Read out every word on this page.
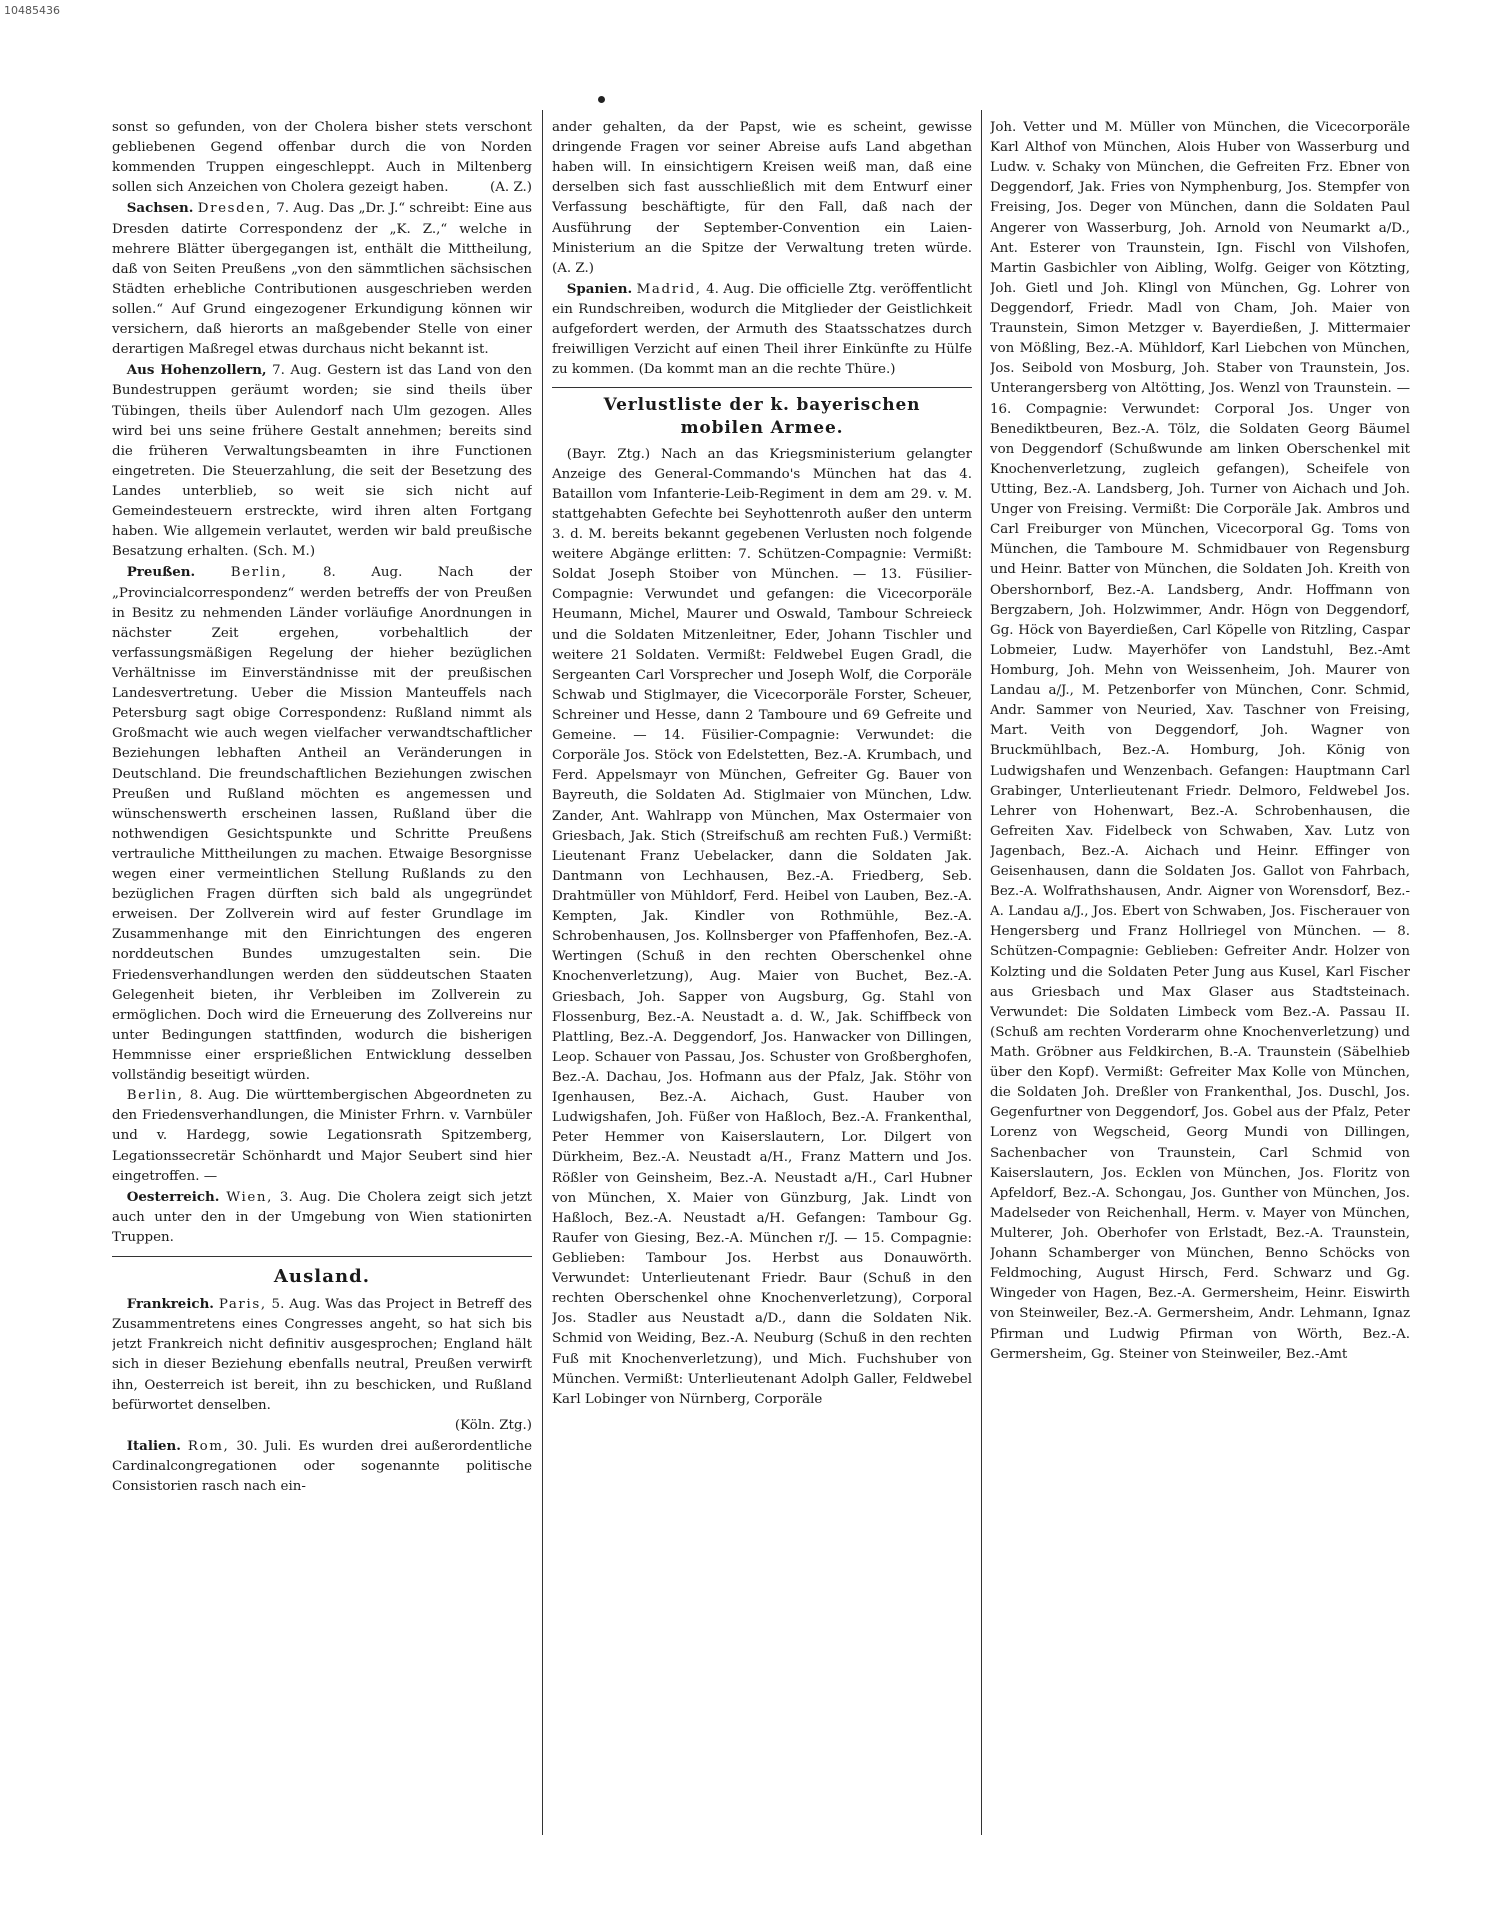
10485436

sonst so gefunden, von der Cholera bisher stets verschont gebliebenen Gegend offenbar durch die von Norden kommenden Truppen eingeschleppt. Auch in Miltenberg sollen sich Anzeichen von Cholera gezeigt haben.	(A. Z.)

Sachsen. Dresden, 7. Aug. Das „Dr. J.“ schreibt: Eine aus Dresden datirte Correspondenz der „K. Z.,“ welche in mehrere Blätter übergegangen ist, enthält die Mittheilung, daß von Seiten Preußens „von den sämmtlichen sächsischen Städten erhebliche Contributionen ausgeschrieben werden sollen.“ Auf Grund eingezogener Erkundigung können wir versichern, daß hierorts an maßgebender Stelle von einer derartigen Maßregel etwas durchaus nicht bekannt ist.

Aus Hohenzollern, 7. Aug. Gestern ist das Land von den Bundestruppen geräumt worden; sie sind theils über Tübingen, theils über Aulendorf nach Ulm gezogen. Alles wird bei uns seine frühere Gestalt annehmen; bereits sind die früheren Verwaltungsbeamten in ihre Functionen eingetreten. Die Steuerzahlung, die seit der Besetzung des Landes unterblieb, so weit sie sich nicht auf Gemeindesteuern erstreckte, wird ihren alten Fortgang haben. Wie allgemein verlautet, werden wir bald preußische Besatzung erhalten. (Sch. M.)

Preußen.	Berlin,	8. Aug. Nach der „Provincialcorrespondenz“ werden betreffs der von Preußen in Besitz zu nehmenden Länder vorläufige Anordnungen in nächster Zeit ergehen, vorbehaltlich der verfassungsmäßigen Regelung der hieher bezüglichen Verhältnisse im Einverständnisse mit der preußischen Landesvertretung. Ueber die Mission Manteuffels nach Petersburg sagt obige Correspondenz: Rußland nimmt als Großmacht wie auch wegen vielfacher verwandtschaftlicher Beziehungen lebhaften Antheil an Veränderungen in Deutschland. Die freundschaftlichen Beziehungen zwischen Preußen und Rußland möchten es angemessen und wünschenswerth erscheinen lassen, Rußland über die nothwendigen Gesichtspunkte und Schritte Preußens vertrauliche Mittheilungen zu machen. Etwaige Besorgnisse wegen einer vermeintlichen Stellung Rußlands zu den bezüglichen Fragen dürften sich bald als ungegründet erweisen. Der Zollverein wird auf fester Grundlage im Zusammenhange mit den Einrichtungen des engeren norddeutschen Bundes umzugestalten sein. Die Friedensverhandlungen werden den süddeutschen Staaten Gelegenheit bieten, ihr Verbleiben im Zollverein zu ermöglichen. Doch wird die Erneuerung des Zollvereins nur unter Bedingungen stattfinden, wodurch die bisherigen Hemmnisse einer ersprießlichen Entwicklung desselben vollständig beseitigt würden.

Berlin, 8. Aug. Die württembergischen Abgeordneten zu den Friedensverhandlungen, die Minister Frhrn. v. Varnbüler und v. Hardegg, sowie Legationsrath Spitzemberg, Legationssecretär Schönhardt und Major Seubert sind hier eingetroffen. —

Oesterreich. Wien, 3. Aug. Die Cholera zeigt sich jetzt auch unter den in der Umgebung von Wien stationirten Truppen.

Ausland.

Frankreich. Paris, 5. Aug. Was das Project in Betreff des Zusammentretens eines Congresses angeht, so hat sich bis jetzt Frankreich nicht definitiv ausgesprochen; England hält sich in dieser Beziehung ebenfalls neutral, Preußen verwirft ihn, Oesterreich ist bereit, ihn zu beschicken, und Rußland befürwortet denselben.

(Köln. Ztg.)

Italien. Rom, 30. Juli. Es wurden drei außerordentliche Cardinalcongregationen oder sogenannte politische Consistorien rasch nach ein-

ander gehalten, da der Papst, wie es scheint, gewisse dringende Fragen vor seiner Abreise aufs Land abgethan haben will. In einsichtigern Kreisen weiß man, daß eine derselben sich fast ausschließlich mit dem Entwurf einer Verfassung beschäftigte, für den Fall, daß nach der Ausführung der September-Convention ein Laien-Ministerium an die Spitze der Verwaltung treten würde. (A. Z.)

Spanien. Madrid, 4. Aug. Die officielle Ztg. veröffentlicht ein Rundschreiben, wodurch die Mitglieder der Geistlichkeit aufgefordert werden, der Armuth des Staatsschatzes durch freiwilligen Verzicht auf einen Theil ihrer Einkünfte zu Hülfe zu kommen. (Da kommt man an die rechte Thüre.)

Verlustliste der k. bayerischen
mobilen Armee.

(Bayr. Ztg.) Nach an das Kriegsministerium gelangter Anzeige des General-Commando's München hat das 4. Bataillon vom Infanterie-Leib-Regiment in dem am 29. v. M. stattgehabten Gefechte bei Seyhottenroth außer den unterm 3. d. M. bereits bekannt gegebenen Verlusten noch folgende weitere Abgänge erlitten: 7. Schützen-Compagnie: Vermißt: Soldat Joseph Stoiber von München. — 13. Füsilier-Compagnie: Verwundet und gefangen: die Vicecorporäle Heumann, Michel, Maurer und Oswald, Tambour Schreieck und die Soldaten Mitzenleitner, Eder, Johann Tischler und weitere 21 Soldaten. Vermißt: Feldwebel Eugen Gradl, die Sergeanten Carl Vorsprecher und Joseph Wolf, die Corporäle Schwab und Stiglmayer, die Vicecorporäle Forster, Scheuer, Schreiner und Hesse, dann 2 Tamboure und 69 Gefreite und Gemeine. — 14. Füsilier-Compagnie: Verwundet: die Corporäle Jos. Stöck von Edelstetten, Bez.-A. Krumbach, und Ferd. Appelsmayr von München, Gefreiter Gg. Bauer von Bayreuth, die Soldaten Ad. Stiglmaier von München, Ldw. Zander, Ant. Wahlrapp von München, Max Ostermaier von Griesbach, Jak. Stich (Streifschuß am rechten Fuß.) Vermißt: Lieutenant Franz Uebelacker, dann die Soldaten Jak. Dantmann von Lechhausen, Bez.-A. Friedberg, Seb. Drahtmüller von Mühldorf, Ferd. Heibel von Lauben, Bez.-A. Kempten, Jak. Kindler von Rothmühle, Bez.-A. Schrobenhausen, Jos. Kollnsberger von Pfaffenhofen, Bez.-A. Wertingen (Schuß in den rechten Oberschenkel ohne Knochenverletzung), Aug. Maier von Buchet, Bez.-A. Griesbach, Joh. Sapper von Augsburg, Gg. Stahl von Flossenburg, Bez.-A. Neustadt a. d. W., Jak. Schiffbeck von Plattling, Bez.-A. Deggendorf, Jos. Hanwacker von Dillingen, Leop. Schauer von Passau, Jos. Schuster von Großberghofen, Bez.-A. Dachau, Jos. Hofmann aus der Pfalz, Jak. Stöhr von Igenhausen, Bez.-A. Aichach, Gust. Hauber von Ludwigshafen, Joh. Füßer von Haßloch, Bez.-A. Frankenthal, Peter Hemmer von Kaiserslautern, Lor. Dilgert von Dürkheim, Bez.-A. Neustadt a/H., Franz Mattern und Jos. Rößler von Geinsheim, Bez.-A. Neustadt a/H., Carl Hubner von München, X. Maier von Günzburg, Jak. Lindt von Haßloch, Bez.-A. Neustadt a/H. Gefangen: Tambour Gg. Raufer von Giesing, Bez.-A. München r/J. — 15. Compagnie: Geblieben: Tambour Jos. Herbst aus Donauwörth. Verwundet: Unterlieutenant Friedr. Baur (Schuß in den rechten Oberschenkel ohne Knochenverletzung), Corporal Jos. Stadler aus Neustadt a/D., dann die Soldaten Nik. Schmid von Weiding, Bez.-A. Neuburg (Schuß in den rechten Fuß mit Knochenverletzung), und Mich. Fuchshuber von München. Vermißt: Unterlieutenant Adolph Galler, Feldwebel Karl Lobinger von Nürnberg, Corporäle

Joh. Vetter und M. Müller von München, die Vicecorporäle Karl Althof von München, Alois Huber von Wasserburg und Ludw. v. Schaky von München, die Gefreiten Frz. Ebner von Deggendorf, Jak. Fries von Nymphenburg, Jos. Stempfer von Freising, Jos. Deger von München, dann die Soldaten Paul Angerer von Wasserburg, Joh. Arnold von Neumarkt a/D., Ant. Esterer von Traunstein, Ign. Fischl von Vilshofen, Martin Gasbichler von Aibling, Wolfg. Geiger von Kötzting, Joh. Gietl und Joh. Klingl von München, Gg. Lohrer von Deggendorf, Friedr. Madl von Cham, Joh. Maier von Traunstein, Simon Metzger v. Bayerdießen, J. Mittermaier von Mößling, Bez.-A. Mühldorf, Karl Liebchen von München, Jos. Seibold von Mosburg, Joh. Staber von Traunstein, Jos. Unterangersberg von Altötting, Jos. Wenzl von Traunstein. — 16. Compagnie: Verwundet: Corporal Jos. Unger von Benediktbeuren, Bez.-A. Tölz, die Soldaten Georg Bäumel von Deggendorf (Schußwunde am linken Oberschenkel mit Knochenverletzung, zugleich gefangen), Scheifele von Utting, Bez.-A. Landsberg, Joh. Turner von Aichach und Joh. Unger von Freising. Vermißt: Die Corporäle Jak. Ambros und Carl Freiburger von München, Vicecorporal Gg. Toms von München, die Tamboure M. Schmidbauer von Regensburg und Heinr. Batter von München, die Soldaten Joh. Kreith von Obershornborf, Bez.-A. Landsberg, Andr. Hoffmann von Bergzabern, Joh. Holzwimmer, Andr. Högn von Deggendorf, Gg. Höck von Bayerdießen, Carl Köpelle von Ritzling, Caspar Lobmeier, Ludw. Mayerhöfer von Landstuhl, Bez.-Amt Homburg, Joh. Mehn von Weissenheim, Joh. Maurer von Landau a/J., M. Petzenborfer von München, Conr. Schmid, Andr. Sammer von Neuried, Xav. Taschner von Freising, Mart. Veith von Deggendorf, Joh. Wagner von Bruckmühlbach, Bez.-A. Homburg, Joh. König von Ludwigshafen und Wenzenbach. Gefangen: Hauptmann Carl Grabinger, Unterlieutenant Friedr. Delmoro, Feldwebel Jos. Lehrer von Hohenwart, Bez.-A. Schrobenhausen, die Gefreiten Xav. Fidelbeck von Schwaben, Xav. Lutz von Jagenbach, Bez.-A. Aichach und Heinr. Effinger von Geisenhausen, dann die Soldaten Jos. Gallot von Fahrbach, Bez.-A. Wolfrathshausen, Andr. Aigner von Worensdorf, Bez.-A. Landau a/J., Jos. Ebert von Schwaben, Jos. Fischerauer von Hengersberg und Franz Hollriegel von München. — 8. Schützen-Compagnie: Geblieben: Gefreiter Andr. Holzer von Kolzting und die Soldaten Peter Jung aus Kusel, Karl Fischer aus Griesbach und Max Glaser aus Stadtsteinach. Verwundet: Die Soldaten Limbeck vom Bez.-A. Passau II. (Schuß am rechten Vorderarm ohne Knochenverletzung) und Math. Gröbner aus Feldkirchen, B.-A. Traunstein (Säbelhieb über den Kopf). Vermißt: Gefreiter Max Kolle von München, die Soldaten Joh. Dreßler von Frankenthal, Jos. Duschl, Jos. Gegenfurtner von Deggendorf, Jos. Gobel aus der Pfalz, Peter Lorenz von Wegscheid, Georg Mundi von Dillingen, Sachenbacher von Traunstein, Carl Schmid von Kaiserslautern, Jos. Ecklen von München, Jos. Floritz von Apfeldorf, Bez.-A. Schongau, Jos. Gunther von München, Jos. Madelseder von Reichenhall, Herm. v. Mayer von München, Multerer, Joh. Oberhofer von Erlstadt, Bez.-A. Traunstein, Johann Schamberger von München, Benno Schöcks von Feldmoching, August Hirsch, Ferd. Schwarz und Gg. Wingeder von Hagen, Bez.-A. Germersheim, Heinr. Eiswirth von Steinweiler, Bez.-A. Germersheim, Andr. Lehmann, Ignaz Pfirman und Ludwig Pfirman von Wörth, Bez.-A. Germersheim, Gg. Steiner von Steinweiler, Bez.-Amt
